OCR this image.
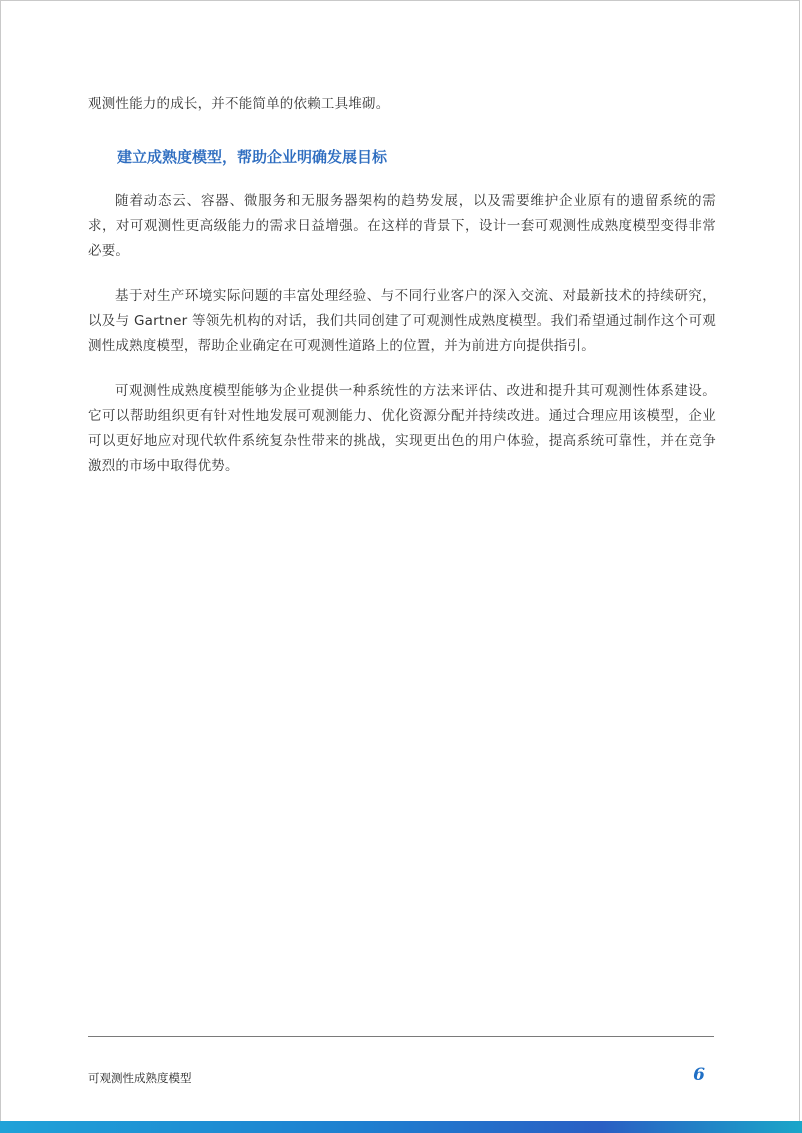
观测性能力的成长，并不能简单的依赖工具堆砌。

建立成熟度模型，帮助企业明确发展目标

随着动态云、容器、微服务和无服务器架构的趋势发展，以及需要维护企业原有的遗留系统的需求，对可观测性更高级能力的需求日益增强。在这样的背景下，设计一套可观测性成熟度模型变得非常必要。

基于对生产环境实际问题的丰富处理经验、与不同行业客户的深入交流、对最新技术的持续研究，以及与 Gartner 等领先机构的对话，我们共同创建了可观测性成熟度模型。我们希望通过制作这个可观测性成熟度模型，帮助企业确定在可观测性道路上的位置，并为前进方向提供指引。

可观测性成熟度模型能够为企业提供一种系统性的方法来评估、改进和提升其可观测性体系建设。它可以帮助组织更有针对性地发展可观测能力、优化资源分配并持续改进。通过合理应用该模型，企业可以更好地应对现代软件系统复杂性带来的挑战，实现更出色的用户体验，提高系统可靠性，并在竞争激烈的市场中取得优势。

可观测性成熟度模型	6
